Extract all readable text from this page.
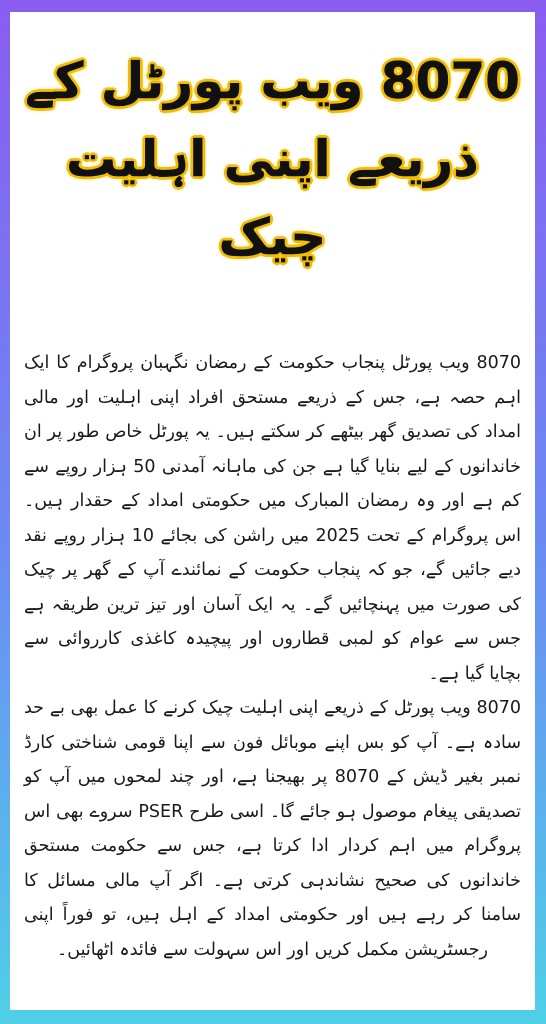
8070 ویب پورٹل کے
ذریعے اپنی اہلیت چیک

8070 ویب پورٹل پنجاب حکومت کے رمضان نگہبان پروگرام کا ایک اہم حصہ ہے، جس کے ذریعے مستحق افراد اپنی اہلیت اور مالی امداد کی تصدیق گھر بیٹھے کر سکتے ہیں۔ یہ پورٹل خاص طور پر ان خاندانوں کے لیے بنایا گیا ہے جن کی ماہانہ آمدنی 50 ہزار روپے سے کم ہے اور وہ رمضان المبارک میں حکومتی امداد کے حقدار ہیں۔ اس پروگرام کے تحت 2025 میں راشن کی بجائے 10 ہزار روپے نقد دیے جائیں گے، جو کہ پنجاب حکومت کے نمائندے آپ کے گھر پر چیک کی صورت میں پہنچائیں گے۔ یہ ایک آسان اور تیز ترین طریقہ ہے جس سے عوام کو لمبی قطاروں اور پیچیدہ کاغذی کارروائی سے بچایا گیا ہے۔

8070 ویب پورٹل کے ذریعے اپنی اہلیت چیک کرنے کا عمل بھی بے حد سادہ ہے۔ آپ کو بس اپنے موبائل فون سے اپنا قومی شناختی کارڈ نمبر بغیر ڈیش کے 8070 پر بھیجنا ہے، اور چند لمحوں میں آپ کو تصدیقی پیغام موصول ہو جائے گا۔ اسی طرح PSER سروے بھی اس پروگرام میں اہم کردار ادا کرتا ہے، جس سے حکومت مستحق خاندانوں کی صحیح نشاندہی کرتی ہے۔ اگر آپ مالی مسائل کا سامنا کر رہے ہیں اور حکومتی امداد کے اہل ہیں، تو فوراً اپنی رجسٹریشن مکمل کریں اور اس سہولت سے فائدہ اٹھائیں۔
